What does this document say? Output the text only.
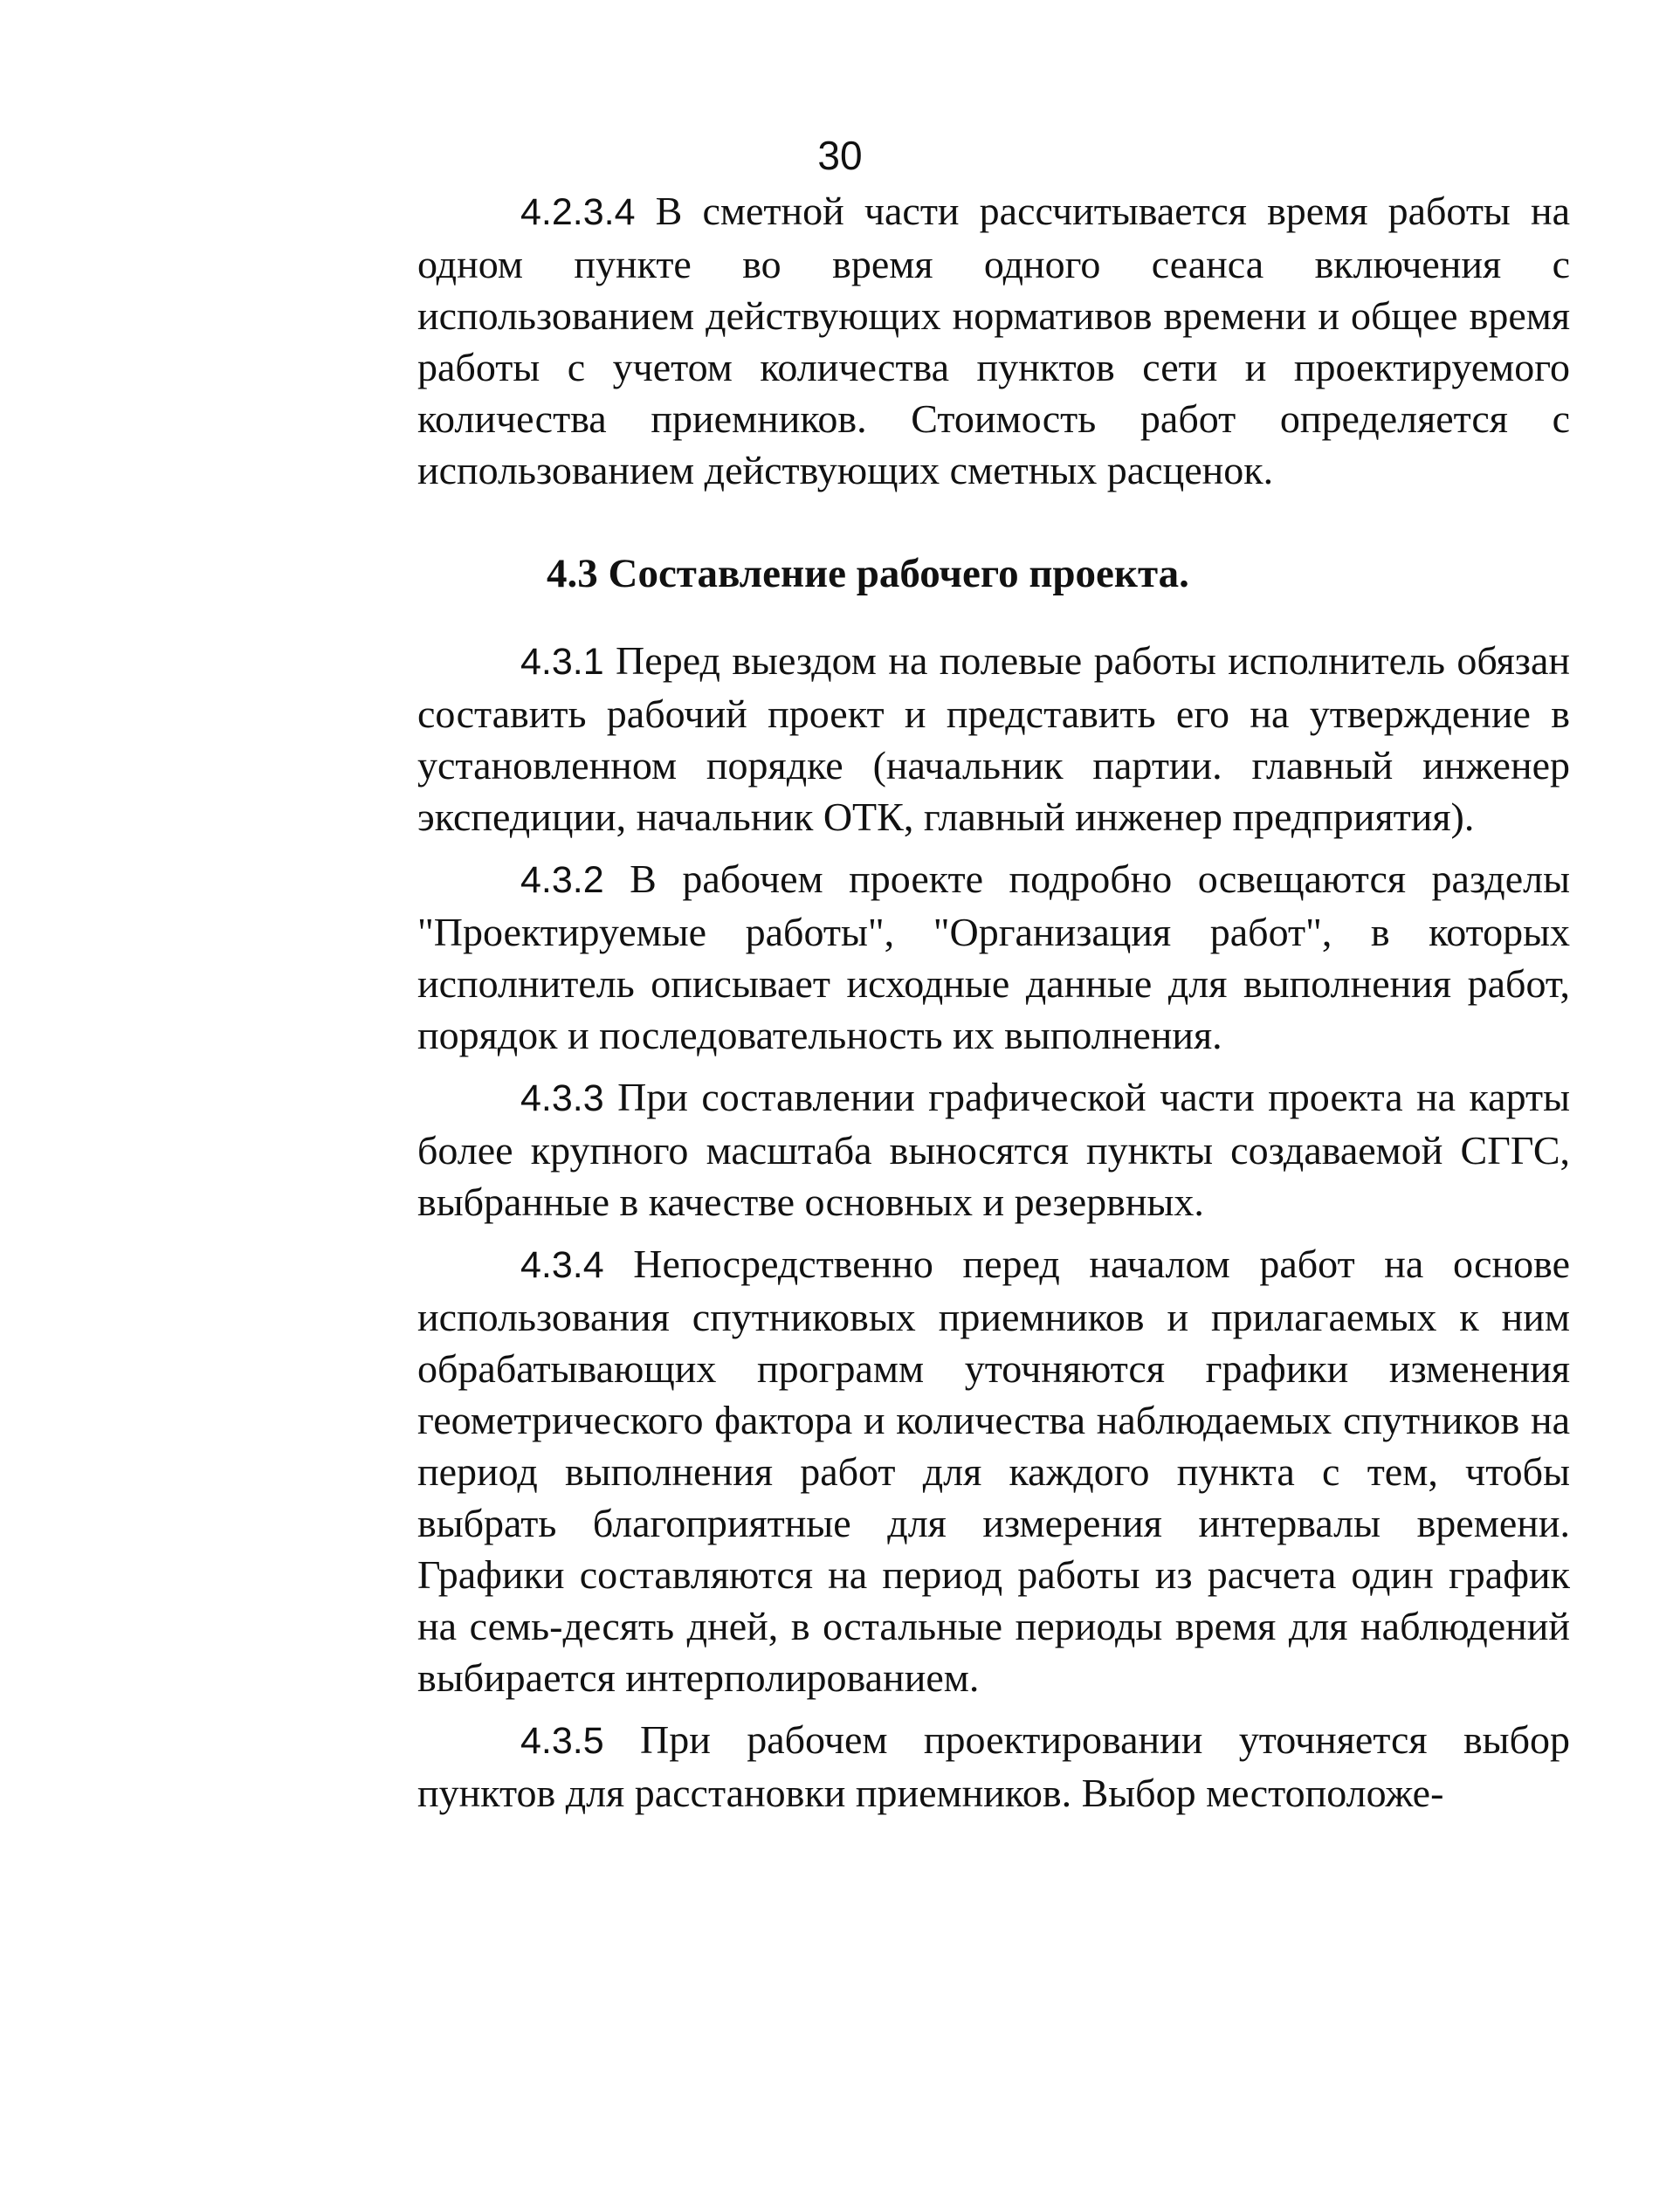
30

4.2.3.4 В сметной части рассчитывается время работы на одном пункте во время одного сеанса включения с использованием действующих нормативов времени и общее время работы с учетом количества пунктов сети и проектируемого количества приемников. Стоимость работ определяется с использованием действующих сметных расценок.

4.3 Составление рабочего проекта.

4.3.1 Перед выездом на полевые работы исполнитель обязан составить рабочий проект и представить его на утверждение в установленном порядке (начальник партии. главный инженер экспедиции, начальник ОТК, главный инженер предприятия).

4.3.2 В рабочем проекте подробно освещаются разделы "Проектируемые работы", "Организация работ", в которых исполнитель описывает исходные данные для выполнения работ, порядок и последовательность их выполнения.

4.3.3 При составлении графической части проекта на карты более крупного масштаба выносятся пункты создаваемой СГГС, выбранные в качестве основных и резервных.

4.3.4 Непосредственно перед началом работ на основе использования спутниковых приемников и прилагаемых к ним обрабатывающих программ уточняются графики изменения геометрического фактора и количества наблюдаемых спутников на период выполнения работ для каждого пункта с тем, чтобы выбрать благоприятные для измерения интервалы времени. Графики составляются на период работы из расчета один график на семь-десять дней, в остальные периоды время для наблюдений выбирается интерполированием.

4.3.5 При рабочем проектировании уточняется выбор пунктов для расстановки приемников. Выбор местоположе-
